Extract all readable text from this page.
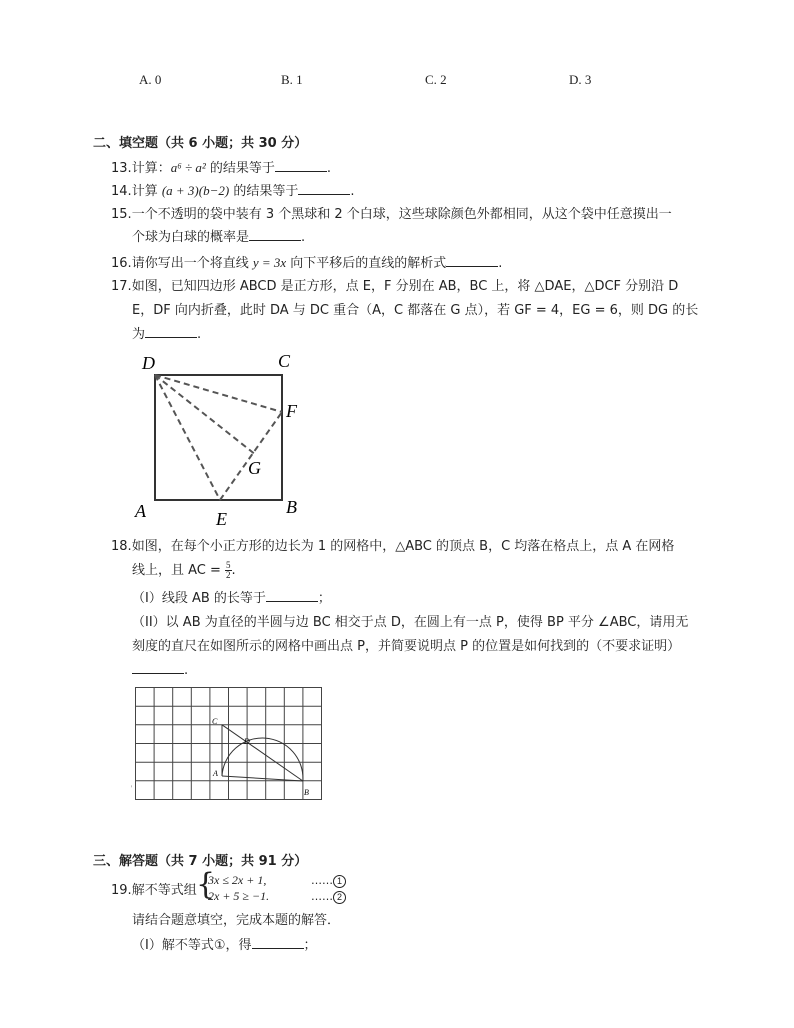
A. 0	B. 1	C. 2	D. 3
二、填空题（共 6 小题；共 30 分）
13.计算：a⁶ ÷ a² 的结果等于	.
14.计算 (a + 3)(b−2) 的结果等于	.
15.一个不透明的袋中装有 3 个黑球和 2 个白球，这些球除颜色外都相同，从这个袋中任意摸出一
个球为白球的概率是	.
16.请你写出一个将直线 y = 3x 向下平移后的直线的解析式	.
17.如图，已知四边形 ABCD 是正方形，点 E，F 分别在 AB，BC 上，将 △DAE，△DCF 分别沿 D
E，DF 向内折叠，此时 DA 与 DC 重合（A，C 都落在 G 点），若 GF = 4，EG = 6，则 DG 的长
为	.
D	C
F
G
A	E
B
18.如图，在每个小正方形的边长为 1 的网格中，△ABC 的顶点 B，C 均落在格点上，点 A 在网格
线上，且 AC = $\frac{5}{2}$ .
（I）线段 AB 的长等于	；
（II）以 AB 为直径的半圆与边 BC 相交于点 D，在圆上有一点 P，使得 BP 平分 ∠ABC，请用无
刻度的直尺在如图所示的网格中画出点 P，并简要说明点 P 的位置是如何找到的（不要求证明）
.
C
D
A
B
'
三、解答题（共 7 小题；共 91 分）
19.解不等式组 {
3x ≤ 2x + 1,
2x + 5 ≥ −1.
…… 1
…… 2
请结合题意填空，完成本题的解答．
（Ⅰ）解不等式①，得	；
